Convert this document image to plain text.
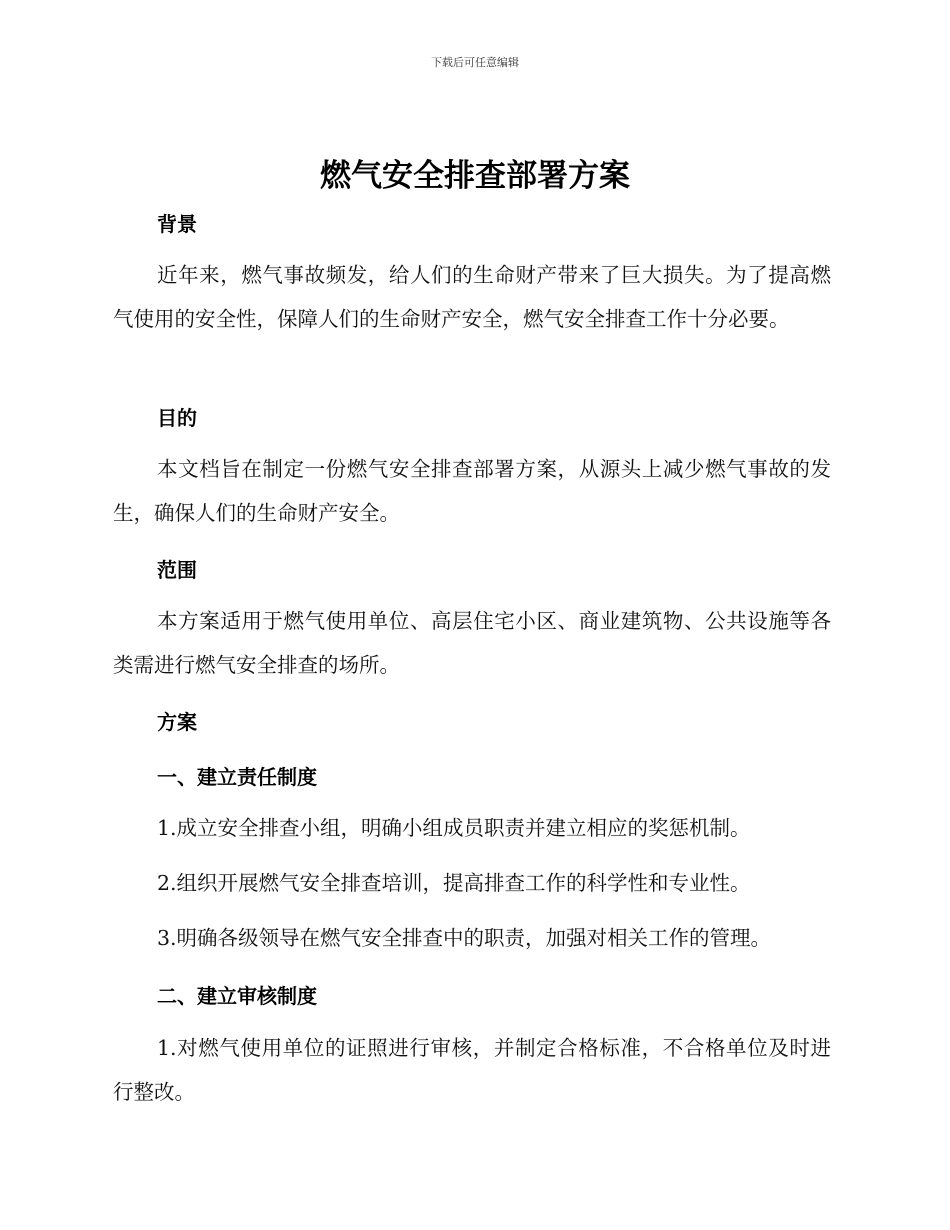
下载后可任意编辑
燃气安全排查部署方案
背景

近年来，燃气事故频发，给人们的生命财产带来了巨大损失。为了提高燃气使用的安全性，保障人们的生命财产安全，燃气安全排查工作十分必要。

目的

本文档旨在制定一份燃气安全排查部署方案，从源头上减少燃气事故的发生，确保人们的生命财产安全。

范围

本方案适用于燃气使用单位、高层住宅小区、商业建筑物、公共设施等各类需进行燃气安全排查的场所。

方案
一、建立责任制度

1.成立安全排查小组，明确小组成员职责并建立相应的奖惩机制。

2.组织开展燃气安全排查培训，提高排查工作的科学性和专业性。

3.明确各级领导在燃气安全排查中的职责，加强对相关工作的管理。

二、建立审核制度

1.对燃气使用单位的证照进行审核，并制定合格标准，不合格单位及时进行整改。
